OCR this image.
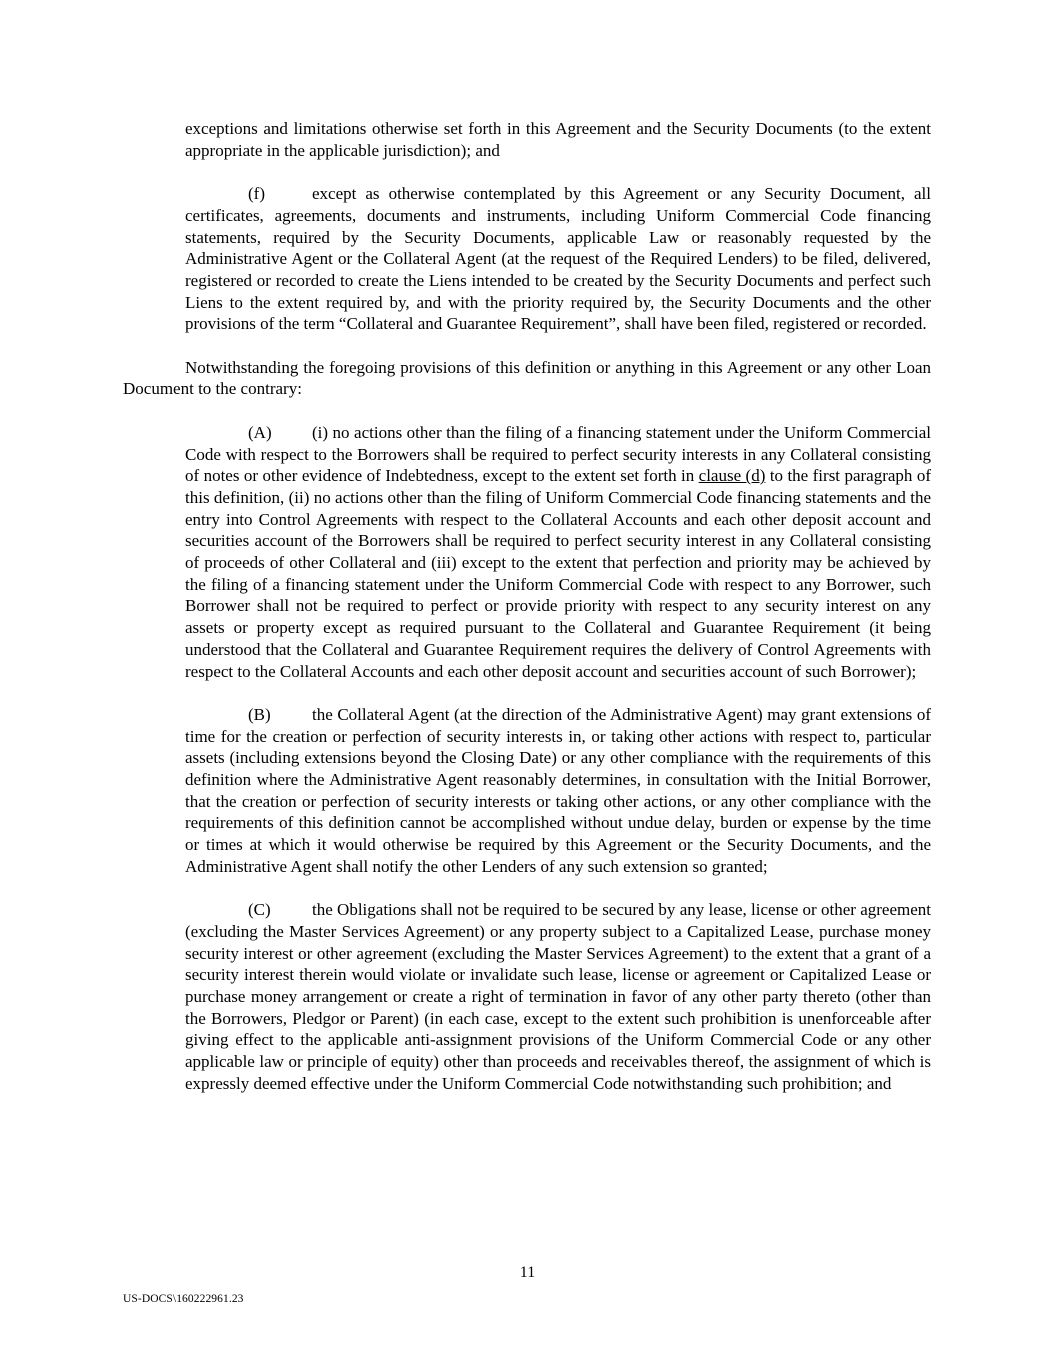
exceptions and limitations otherwise set forth in this Agreement and the Security Documents (to the extent appropriate in the applicable jurisdiction); and

(f)	except as otherwise contemplated by this Agreement or any Security Document, all certificates, agreements, documents and instruments, including Uniform Commercial Code financing statements, required by the Security Documents, applicable Law or reasonably requested by the Administrative Agent or the Collateral Agent (at the request of the Required Lenders) to be filed, delivered, registered or recorded to create the Liens intended to be created by the Security Documents and perfect such Liens to the extent required by, and with the priority required by, the Security Documents and the other provisions of the term “Collateral and Guarantee Requirement”, shall have been filed, registered or recorded.

Notwithstanding the foregoing provisions of this definition or anything in this Agreement or any other Loan Document to the contrary:

(A) (i) no actions other than the filing of a financing statement under the Uniform Commercial Code with respect to the Borrowers shall be required to perfect security interests in any Collateral consisting of notes or other evidence of Indebtedness, except to the extent set forth in clause (d) to the first paragraph of this definition, (ii) no actions other than the filing of Uniform Commercial Code financing statements and the entry into Control Agreements with respect to the Collateral Accounts and each other deposit account and securities account of the Borrowers shall be required to perfect security interest in any Collateral consisting of proceeds of other Collateral and (iii) except to the extent that perfection and priority may be achieved by the filing of a financing statement under the Uniform Commercial Code with respect to any Borrower, such Borrower shall not be required to perfect or provide priority with respect to any security interest on any assets or property except as required pursuant to the Collateral and Guarantee Requirement (it being understood that the Collateral and Guarantee Requirement requires the delivery of Control Agreements with respect to the Collateral Accounts and each other deposit account and securities account of such Borrower);

(B) the Collateral Agent (at the direction of the Administrative Agent) may grant extensions of time for the creation or perfection of security interests in, or taking other actions with respect to, particular assets (including extensions beyond the Closing Date) or any other compliance with the requirements of this definition where the Administrative Agent reasonably determines, in consultation with the Initial Borrower, that the creation or perfection of security interests or taking other actions, or any other compliance with the requirements of this definition cannot be accomplished without undue delay, burden or expense by the time or times at which it would otherwise be required by this Agreement or the Security Documents, and the Administrative Agent shall notify the other Lenders of any such extension so granted;

(C) the Obligations shall not be required to be secured by any lease, license or other agreement (excluding the Master Services Agreement) or any property subject to a Capitalized Lease, purchase money security interest or other agreement (excluding the Master Services Agreement) to the extent that a grant of a security interest therein would violate or invalidate such lease, license or agreement or Capitalized Lease or purchase money arrangement or create a right of termination in favor of any other party thereto (other than the Borrowers, Pledgor or Parent) (in each case, except to the extent such prohibition is unenforceable after giving effect to the applicable anti-assignment provisions of the Uniform Commercial Code or any other applicable law or principle of equity) other than proceeds and receivables thereof, the assignment of which is expressly deemed effective under the Uniform Commercial Code notwithstanding such prohibition; and

11
US-DOCS\160222961.23
